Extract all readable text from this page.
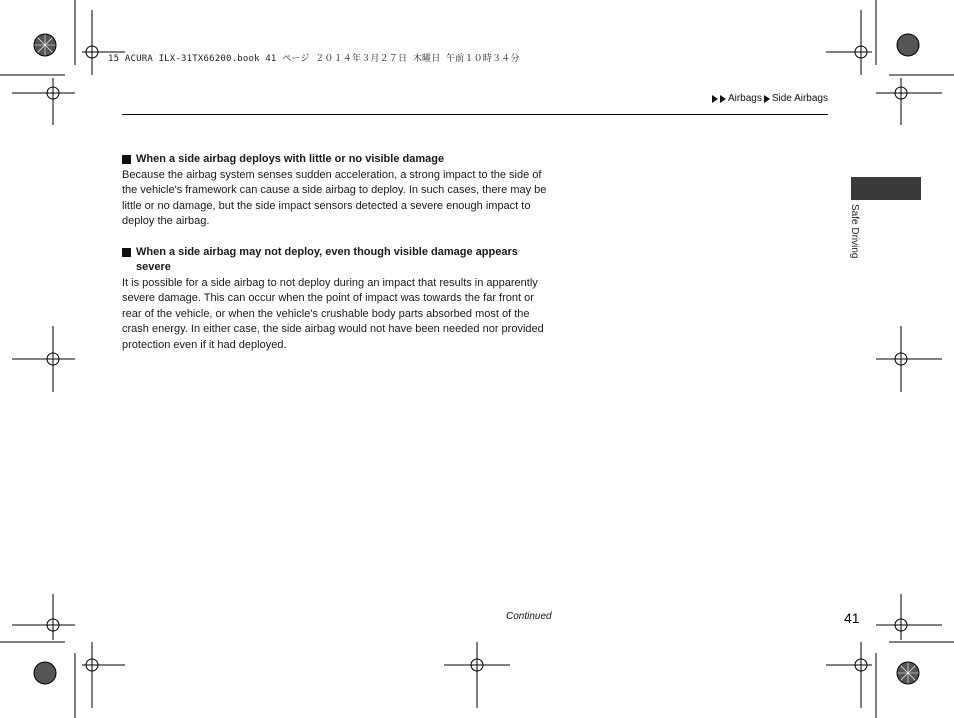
15 ACURA ILX-31TX66200.book 41 ページ ２０１４年３月２７日 木曜日 午前１０時３４分
Airbags Side Airbags

When a side airbag deploys with little or no visible damage

Because the airbag system senses sudden acceleration, a strong impact to the side of the vehicle's framework can cause a side airbag to deploy. In such cases, there may be little or no damage, but the side impact sensors detected a severe enough impact to deploy the airbag.

When a side airbag may not deploy, even though visible damage appears severe

It is possible for a side airbag to not deploy during an impact that results in apparently severe damage. This can occur when the point of impact was towards the far front or rear of the vehicle, or when the vehicle's crushable body parts absorbed most of the crash energy. In either case, the side airbag would not have been needed nor provided protection even if it had deployed.

Safe Driving
Continued	41
